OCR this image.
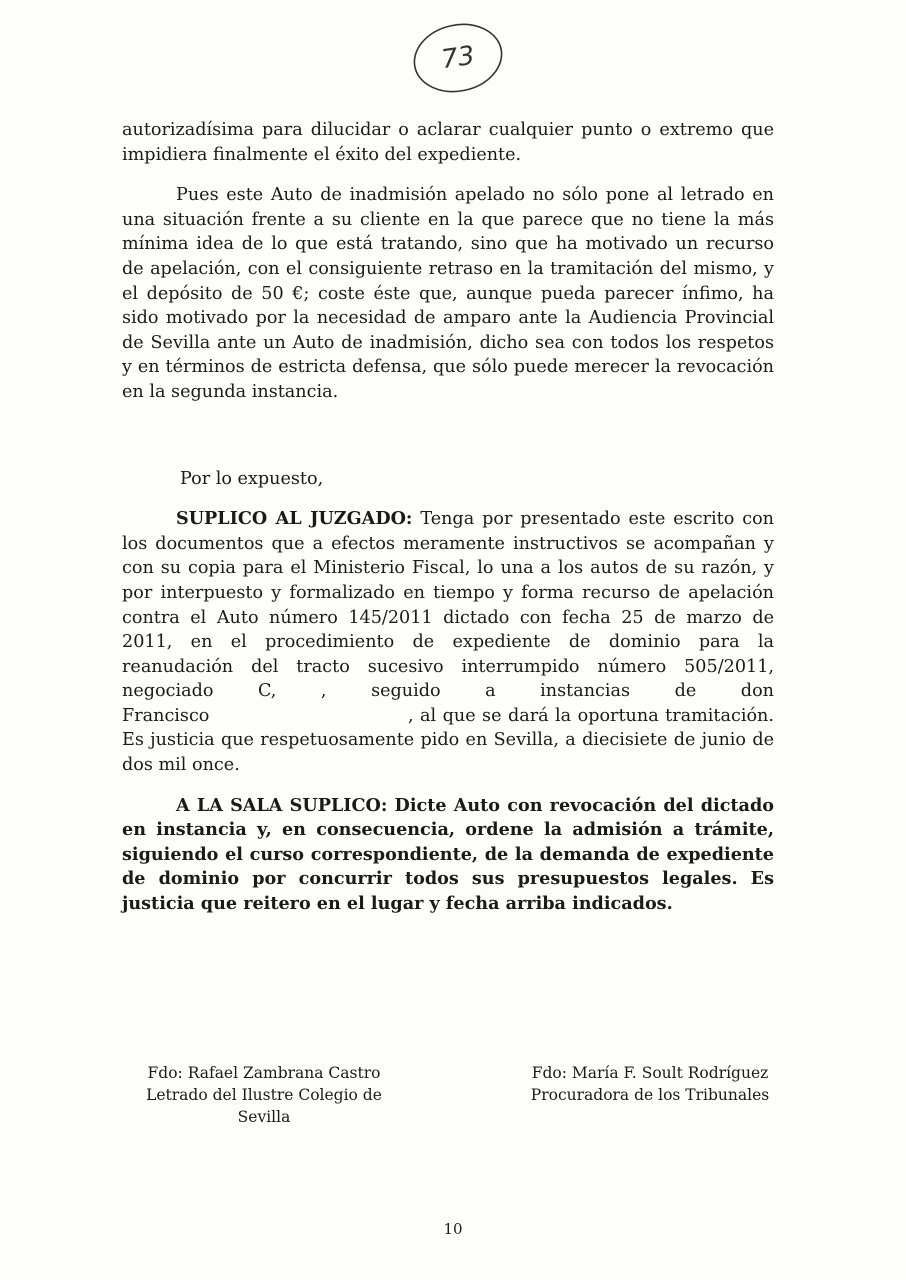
73

autorizadísima para dilucidar o aclarar cualquier punto o extremo que impidiera finalmente el éxito del expediente.

Pues este Auto de inadmisión apelado no sólo pone al letrado en una situación frente a su cliente en la que parece que no tiene la más mínima idea de lo que está tratando, sino que ha motivado un recurso de apelación, con el consiguiente retraso en la tramitación del mismo, y el depósito de 50 €; coste éste que, aunque pueda parecer ínfimo, ha sido motivado por la necesidad de amparo ante la Audiencia Provincial de Sevilla ante un Auto de inadmisión, dicho sea con todos los respetos y en términos de estricta defensa, que sólo puede merecer la revocación en la segunda instancia.

Por lo expuesto,

SUPLICO AL JUZGADO: Tenga por presentado este escrito con los documentos que a efectos meramente instructivos se acompañan y con su copia para el Ministerio Fiscal, lo una a los autos de su razón, y por interpuesto y formalizado en tiempo y forma recurso de apelación contra el Auto número 145/2011 dictado con fecha 25 de marzo de 2011, en el procedimiento de expediente de dominio para la reanudación del tracto sucesivo interrumpido número 505/2011, negociado C, , seguido a instancias de don Francisco	, al que se dará la oportuna tramitación. Es justicia que respetuosamente pido en Sevilla, a diecisiete de junio de dos mil once.

A LA SALA SUPLICO: Dicte Auto con revocación del dictado en instancia y, en consecuencia, ordene la admisión a trámite, siguiendo el curso correspondiente, de la demanda de expediente de dominio por concurrir todos sus presupuestos legales. Es justicia que reitero en el lugar y fecha arriba indicados.

Fdo: Rafael Zambrana Castro
Letrado del Ilustre Colegio de Sevilla
Fdo: María F. Soult Rodríguez
Procuradora de los Tribunales
10
